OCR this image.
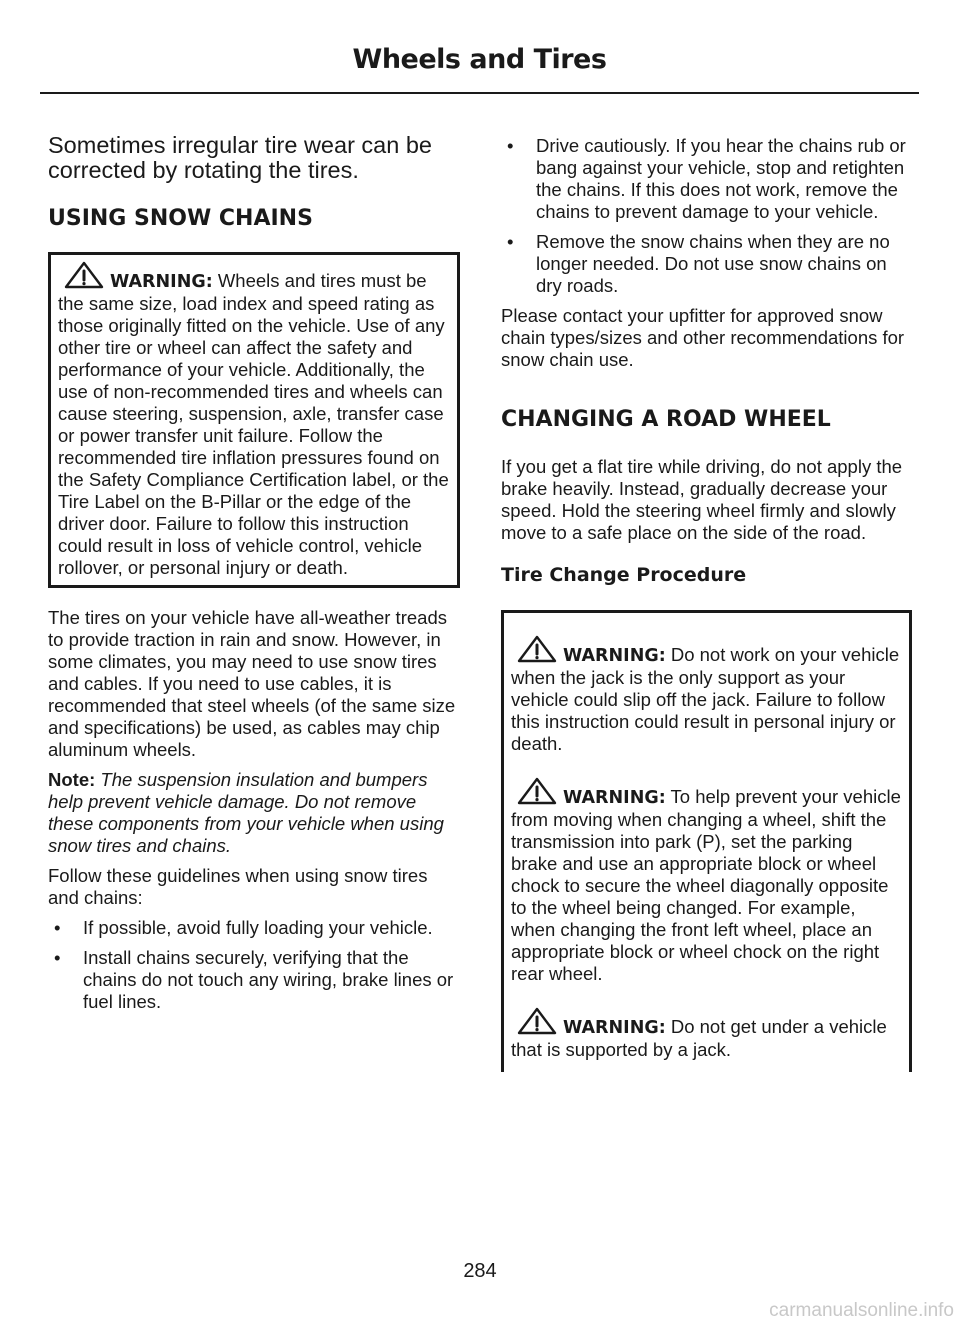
Wheels and Tires

Sometimes irregular tire wear can be corrected by rotating the tires.

USING SNOW CHAINS

WARNING: Wheels and tires must be the same size, load index and speed rating as those originally fitted on the vehicle. Use of any other tire or wheel can affect the safety and performance of your vehicle. Additionally, the use of non-recommended tires and wheels can cause steering, suspension, axle, transfer case or power transfer unit failure. Follow the recommended tire inflation pressures found on the Safety Compliance Certification label, or the Tire Label on the B-Pillar or the edge of the driver door. Failure to follow this instruction could result in loss of vehicle control, vehicle rollover, or personal injury or death.

The tires on your vehicle have all-weather treads to provide traction in rain and snow. However, in some climates, you may need to use snow tires and cables. If you need to use cables, it is recommended that steel wheels (of the same size and specifications) be used, as cables may chip aluminum wheels.

Note: The suspension insulation and bumpers help prevent vehicle damage. Do not remove these components from your vehicle when using snow tires and chains.

Follow these guidelines when using snow tires and chains:

• If possible, avoid fully loading your vehicle.
• Install chains securely, verifying that the chains do not touch any wiring, brake lines or fuel lines.
• Drive cautiously. If you hear the chains rub or bang against your vehicle, stop and retighten the chains. If this does not work, remove the chains to prevent damage to your vehicle.
• Remove the snow chains when they are no longer needed. Do not use snow chains on dry roads.

Please contact your upfitter for approved snow chain types/sizes and other recommendations for snow chain use.

CHANGING A ROAD WHEEL

If you get a flat tire while driving, do not apply the brake heavily. Instead, gradually decrease your speed. Hold the steering wheel firmly and slowly move to a safe place on the side of the road.

Tire Change Procedure

WARNING: Do not work on your vehicle when the jack is the only support as your vehicle could slip off the jack. Failure to follow this instruction could result in personal injury or death.

WARNING: To help prevent your vehicle from moving when changing a wheel, shift the transmission into park (P), set the parking brake and use an appropriate block or wheel chock to secure the wheel diagonally opposite to the wheel being changed. For example, when changing the front left wheel, place an appropriate block or wheel chock on the right rear wheel.

WARNING: Do not get under a vehicle that is supported by a jack.

284
carmanualsonline.info
